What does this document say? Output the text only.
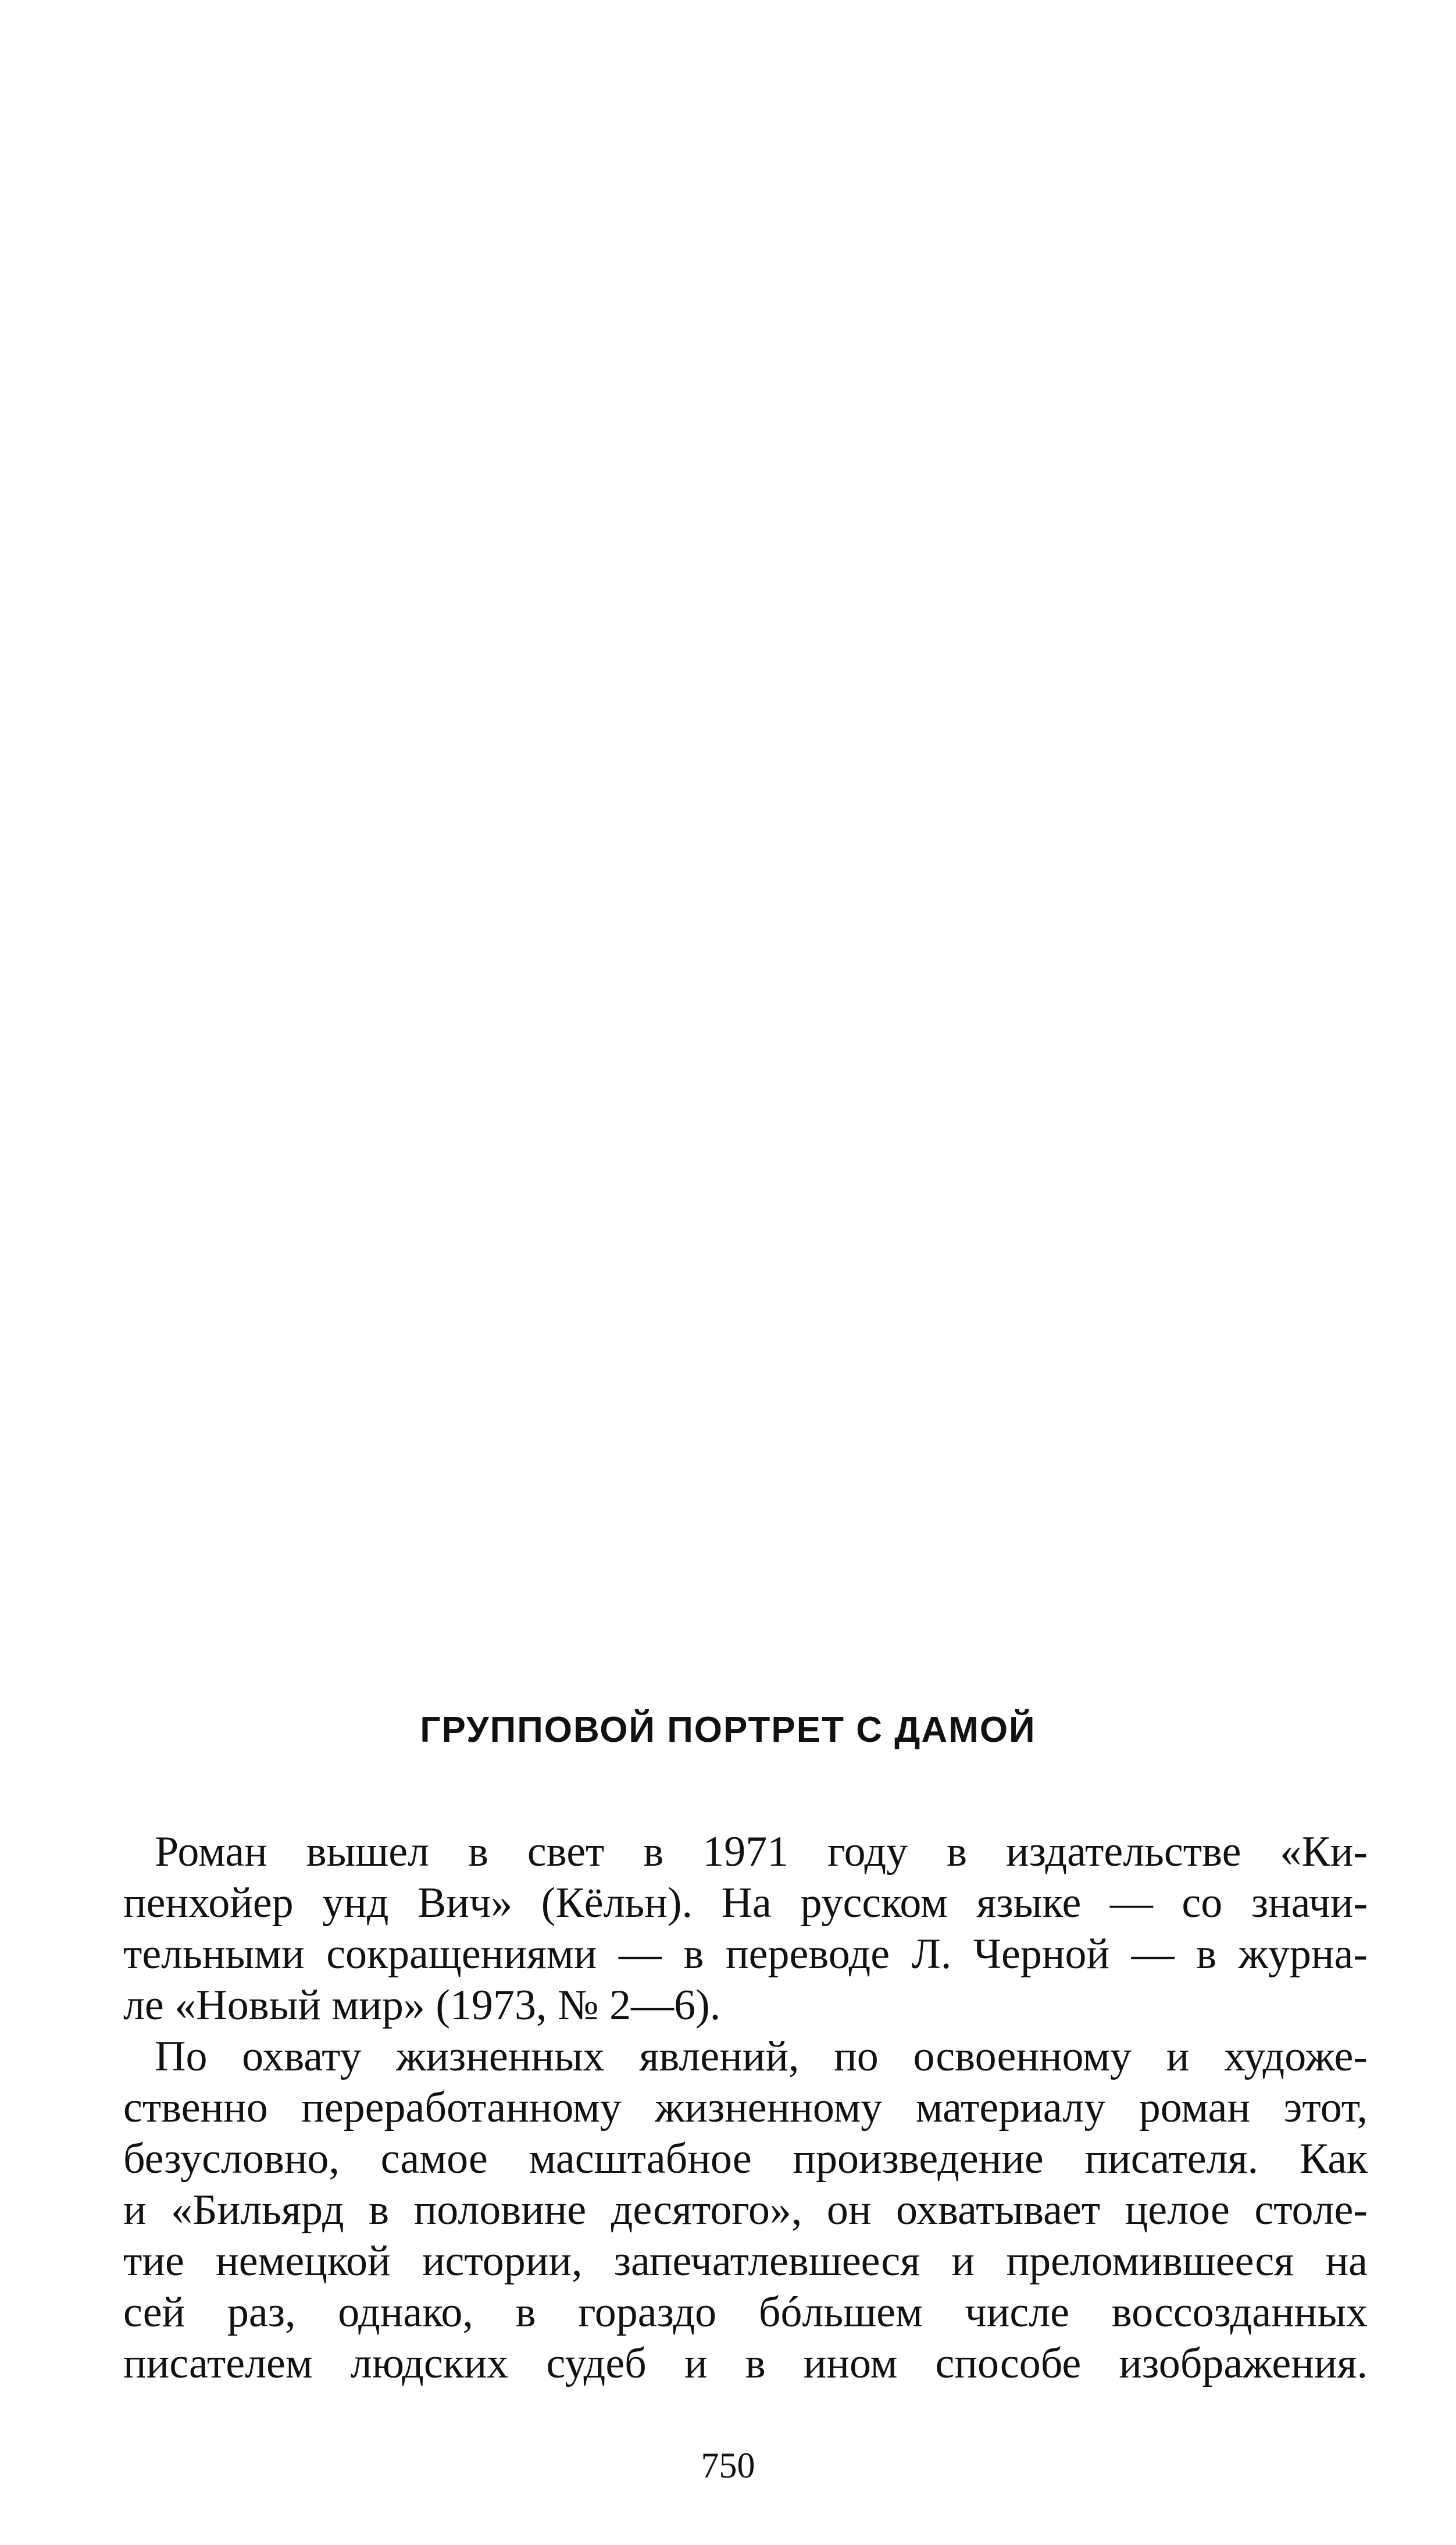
ГРУППОВОЙ ПОРТРЕТ С ДАМОЙ
Роман вышел в свет в 1971 году в издательстве «Ки-
пенхойер унд Вич» (Кёльн). На русском языке — со значи-
тельными сокращениями — в переводе Л. Черной — в журна-
ле «Новый мир» (1973, № 2—6).
По охвату жизненных явлений, по освоенному и художе-
ственно переработанному жизненному материалу роман этот,
безусловно, самое масштабное произведение писателя. Как
и «Бильярд в половине десятого», он охватывает целое столе-
тие немецкой истории, запечатлевшееся и преломившееся на
сей раз, однако, в гораздо бóльшем числе воссозданных
писателем людских судеб и в ином способе изображения.
750
